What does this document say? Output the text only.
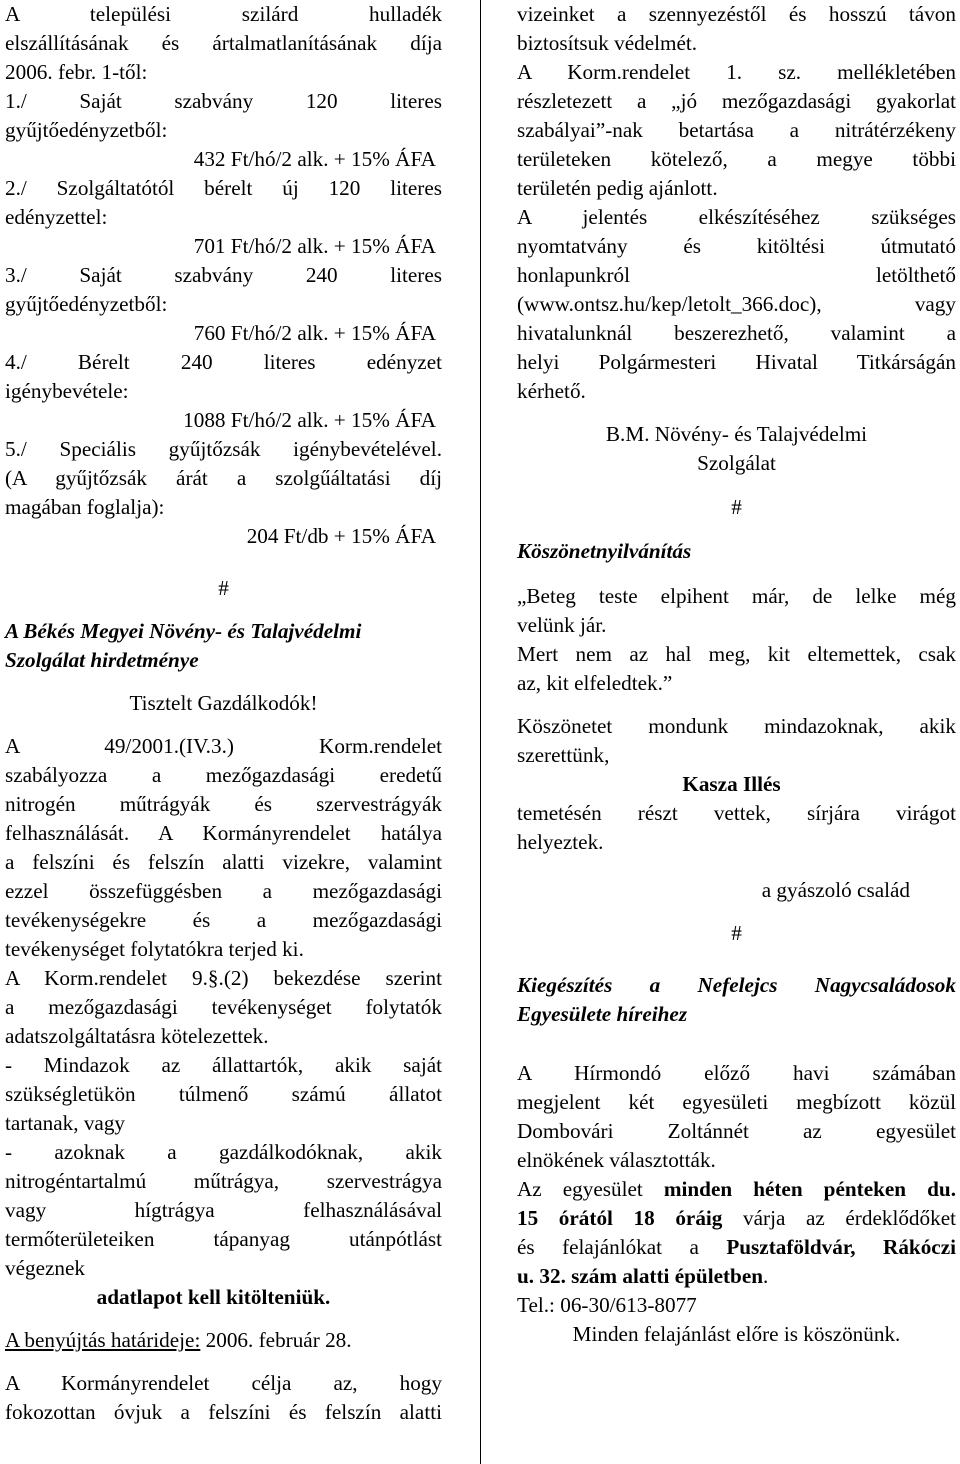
A települési szilárd hulladék

elszállításának és ártalmatlanításának díja

2006. febr. 1-től:

1./ Saját szabvány 120 literes

gyűjtőedényzetből:

432 Ft/hó/2 alk. + 15% ÁFA

2./ Szolgáltatótól bérelt új 120 literes

edényzettel:

701 Ft/hó/2 alk. + 15% ÁFA

3./ Saját szabvány 240 literes

gyűjtőedényzetből:

760 Ft/hó/2 alk. + 15% ÁFA

4./ Bérelt 240 literes edényzet

igénybevétele:

1088 Ft/hó/2 alk. + 15% ÁFA

5./ Speciális gyűjtőzsák igénybevételével.

(A gyűjtőzsák árát a szolgűáltatási díj

magában foglalja):

204 Ft/db + 15% ÁFA

#

A Békés Megyei Növény- és Talajvédelmi

Szolgálat hirdetménye

Tisztelt Gazdálkodók!

A 49/2001.(IV.3.) Korm.rendelet

szabályozza a mezőgazdasági eredetű

nitrogén műtrágyák és szervestrágyák

felhasználását. A Kormányrendelet hatálya

a felszíni és felszín alatti vizekre, valamint

ezzel összefüggésben a mezőgazdasági

tevékenységekre és a mezőgazdasági

tevékenységet folytatókra terjed ki.

A Korm.rendelet 9.§.(2) bekezdése szerint

a mezőgazdasági tevékenységet folytatók

adatszolgáltatásra kötelezettek.

- Mindazok az állattartók, akik saját

szükségletükön túlmenő számú állatot

tartanak, vagy

- azoknak a gazdálkodóknak, akik

nitrogéntartalmú műtrágya, szervestrágya

vagy hígtrágya felhasználásával

termőterületeiken tápanyag utánpótlást

végeznek

adatlapot kell kitölteniük.

A benyújtás határideje: 2006. február 28.

A Kormányrendelet célja az, hogy

fokozottan óvjuk a felszíni és felszín alatti

vizeinket a szennyezéstől és hosszú távon

biztosítsuk védelmét.

A Korm.rendelet 1. sz. mellékletében

részletezett a „jó mezőgazdasági gyakorlat

szabályai”-nak betartása a nitrátérzékeny

területeken kötelező, a megye többi

területén pedig ajánlott.

A jelentés elkészítéséhez szükséges

nyomtatvány és kitöltési útmutató

honlapunkról letölthető

(www.ontsz.hu/kep/letolt_366.doc), vagy

hivatalunknál beszerezhető, valamint a

helyi Polgármesteri Hivatal Titkárságán

kérhető.

B.M. Növény- és Talajvédelmi

Szolgálat

#

Köszönetnyilvánítás

„Beteg teste elpihent már, de lelke még

velünk jár.

Mert nem az hal meg, kit eltemettek, csak

az, kit elfeledtek.”

Köszönetet mondunk mindazoknak, akik

szerettünk,

Kasza Illés

temetésén részt vettek, sírjára virágot

helyeztek.

a gyászoló család

#

Kiegészítés a Nefelejcs Nagycsaládosok

Egyesülete híreihez

A Hírmondó előző havi számában

megjelent két egyesületi megbízott közül

Dombovári Zoltánnét az egyesület

elnökének választották.

Az egyesület minden héten pénteken du.

15 órától 18 óráig várja az érdeklődőket

és felajánlókat a Pusztaföldvár, Rákóczi

u. 32. szám alatti épületben.

Tel.: 06-30/613-8077

Minden felajánlást előre is köszönünk.
